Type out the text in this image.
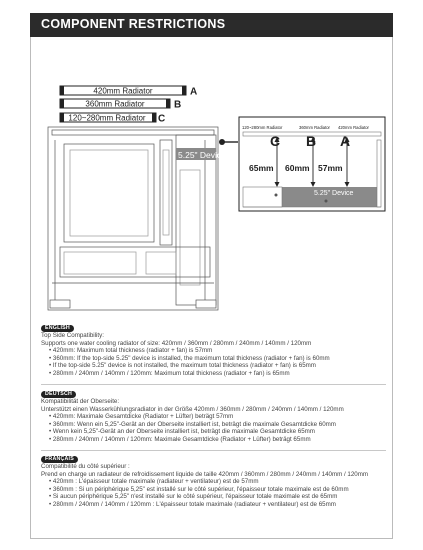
COMPONENT RESTRICTIONS
420mm Radiator	A
360mm Radiator	B
120~280mm Radiator C
5.25" Device
120~280mm Radiator	360mm Radiator 420mm Radiator
C B A
65mm 60mm 57mm
5.25" Device
ENGLISH
Top Side Compatibility:
Supports one water cooling radiator of size: 420mm / 360mm / 280mm / 240mm / 140mm / 120mm
• 420mm: Maximum total thickness (radiator + fan) is 57mm
• 360mm: If the top-side 5.25" device is installed, the maximum total thickness (radiator + fan) is 60mm
• If the top-side 5.25" device is not installed, the maximum total thickness (radiator + fan) is 65mm
• 280mm / 240mm / 140mm / 120mm: Maximum total thickness (radiator + fan) is 65mm
DEUTSCH
Kompatibilität der Oberseite:
Unterstützt einen Wasserkühlungsradiator in der Größe 420mm / 360mm / 280mm / 240mm / 140mm / 120mm
• 420mm: Maximale Gesamtdicke (Radiator + Lüfter) beträgt 57mm
• 360mm: Wenn ein 5,25"-Gerät an der Oberseite installiert ist, beträgt die maximale Gesamtdicke 60mm
• Wenn kein 5,25"-Gerät an der Oberseite installiert ist, beträgt die maximale Gesamtdicke 65mm
• 280mm / 240mm / 140mm / 120mm: Maximale Gesamtdicke (Radiator + Lüfter) beträgt 65mm
FRANÇAIS
Compatibilité du côté supérieur :
Prend en charge un radiateur de refroidissement liquide de taille 420mm / 360mm / 280mm / 240mm / 140mm / 120mm
• 420mm : L'épaisseur totale maximale (radiateur + ventilateur) est de 57mm
• 360mm : Si un périphérique 5,25" est installé sur le côté supérieur, l'épaisseur totale maximale est de 60mm
• Si aucun périphérique 5,25" n'est installé sur le côté supérieur, l'épaisseur totale maximale est de 65mm
• 280mm / 240mm / 140mm / 120mm : L'épaisseur totale maximale (radiateur + ventilateur) est de 65mm
